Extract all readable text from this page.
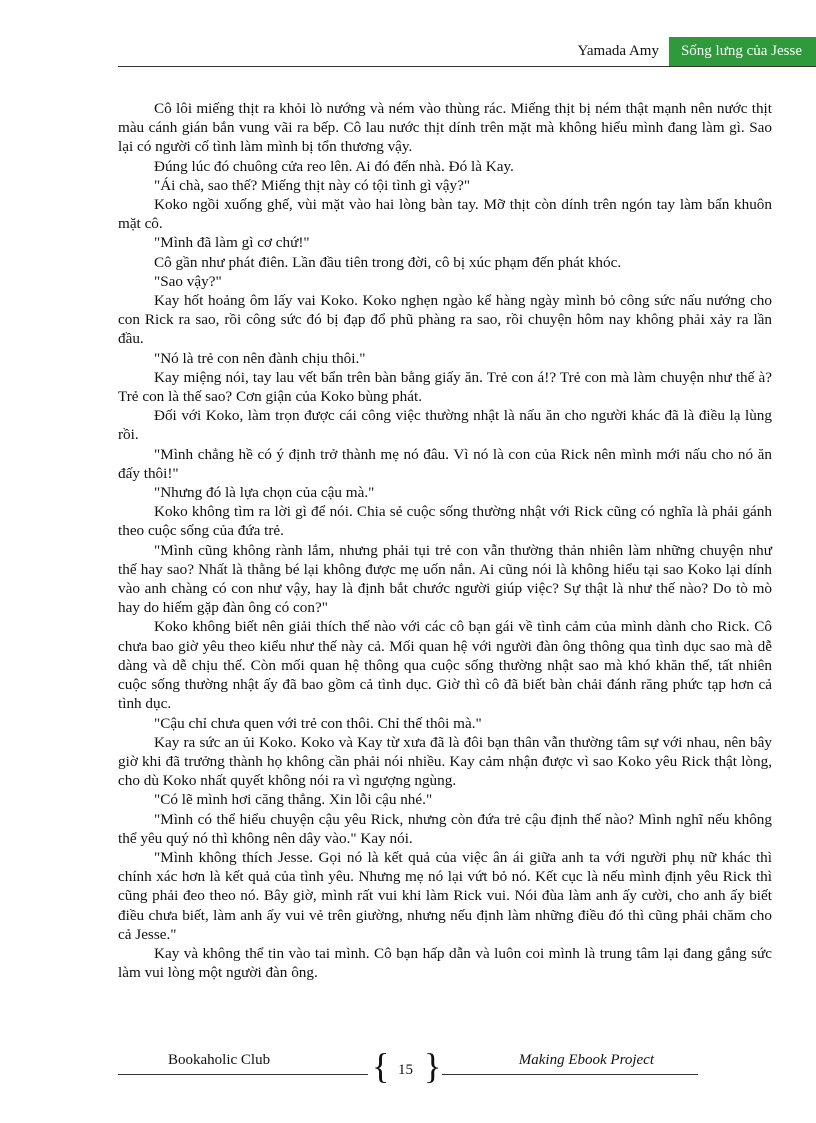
Yamada Amy	Sống lưng của Jesse

Cô lôi miếng thịt ra khỏi lò nướng và ném vào thùng rác. Miếng thịt bị ném thật mạnh nên nước thịt màu cánh gián bắn vung vãi ra bếp. Cô lau nước thịt dính trên mặt mà không hiểu mình đang làm gì. Sao lại có người cố tình làm mình bị tổn thương vậy.

Đúng lúc đó chuông cửa reo lên. Ai đó đến nhà. Đó là Kay.

"Ái chà, sao thế? Miếng thịt này có tội tình gì vậy?"

Koko ngồi xuống ghế, vùi mặt vào hai lòng bàn tay. Mỡ thịt còn dính trên ngón tay làm bẩn khuôn mặt cô.

"Mình đã làm gì cơ chứ!"

Cô gần như phát điên. Lần đầu tiên trong đời, cô bị xúc phạm đến phát khóc.

"Sao vậy?"

Kay hốt hoảng ôm lấy vai Koko. Koko nghẹn ngào kể hàng ngày mình bỏ công sức nấu nướng cho con Rick ra sao, rồi công sức đó bị đạp đổ phũ phàng ra sao, rồi chuyện hôm nay không phải xảy ra lần đầu.

"Nó là trẻ con nên đành chịu thôi."

Kay miệng nói, tay lau vết bẩn trên bàn bằng giấy ăn. Trẻ con á!? Trẻ con mà làm chuyện như thế à? Trẻ con là thế sao? Cơn giận của Koko bùng phát.

Đối với Koko, làm trọn được cái công việc thường nhật là nấu ăn cho người khác đã là điều lạ lùng rồi.

"Mình chẳng hề có ý định trở thành mẹ nó đâu. Vì nó là con của Rick nên mình mới nấu cho nó ăn đấy thôi!"

"Nhưng đó là lựa chọn của cậu mà."

Koko không tìm ra lời gì để nói. Chia sẻ cuộc sống thường nhật với Rick cũng có nghĩa là phải gánh theo cuộc sống của đứa trẻ.

"Mình cũng không rành lắm, nhưng phải tụi trẻ con vẫn thường thản nhiên làm những chuyện như thế hay sao? Nhất là thằng bé lại không được mẹ uốn nắn. Ai cũng nói là không hiểu tại sao Koko lại dính vào anh chàng có con như vậy, hay là định bắt chước người giúp việc? Sự thật là như thế nào? Do tò mò hay do hiếm gặp đàn ông có con?"

Koko không biết nên giải thích thế nào với các cô bạn gái về tình cảm của mình dành cho Rick. Cô chưa bao giờ yêu theo kiểu như thế này cả. Mối quan hệ với người đàn ông thông qua tình dục sao mà dễ dàng và dễ chịu thế. Còn mối quan hệ thông qua cuộc sống thường nhật sao mà khó khăn thế, tất nhiên cuộc sống thường nhật ấy đã bao gồm cả tình dục. Giờ thì cô đã biết bàn chải đánh răng phức tạp hơn cả tình dục.

"Cậu chỉ chưa quen với trẻ con thôi. Chỉ thế thôi mà."

Kay ra sức an ủi Koko. Koko và Kay từ xưa đã là đôi bạn thân vẫn thường tâm sự với nhau, nên bây giờ khi đã trưởng thành họ không cần phải nói nhiều. Kay cảm nhận được vì sao Koko yêu Rick thật lòng, cho dù Koko nhất quyết không nói ra vì ngượng ngùng.

"Có lẽ mình hơi căng thẳng. Xin lỗi cậu nhé."

"Mình có thể hiểu chuyện cậu yêu Rick, nhưng còn đứa trẻ cậu định thế nào? Mình nghĩ nếu không thể yêu quý nó thì không nên dây vào." Kay nói.

"Mình không thích Jesse. Gọi nó là kết quả của việc ân ái giữa anh ta với người phụ nữ khác thì chính xác hơn là kết quả của tình yêu. Nhưng mẹ nó lại vứt bỏ nó. Kết cục là nếu mình định yêu Rick thì cũng phải đeo theo nó. Bây giờ, mình rất vui khi làm Rick vui. Nói đùa làm anh ấy cười, cho anh ấy biết điều chưa biết, làm anh ấy vui vẻ trên giường, nhưng nếu định làm những điều đó thì cũng phải chăm cho cả Jesse."

Kay và không thể tin vào tai mình. Cô bạn hấp dẫn và luôn coi mình là trung tâm lại đang gắng sức làm vui lòng một người đàn ông.

Bookaholic Club	{ 15 }	Making Ebook Project
